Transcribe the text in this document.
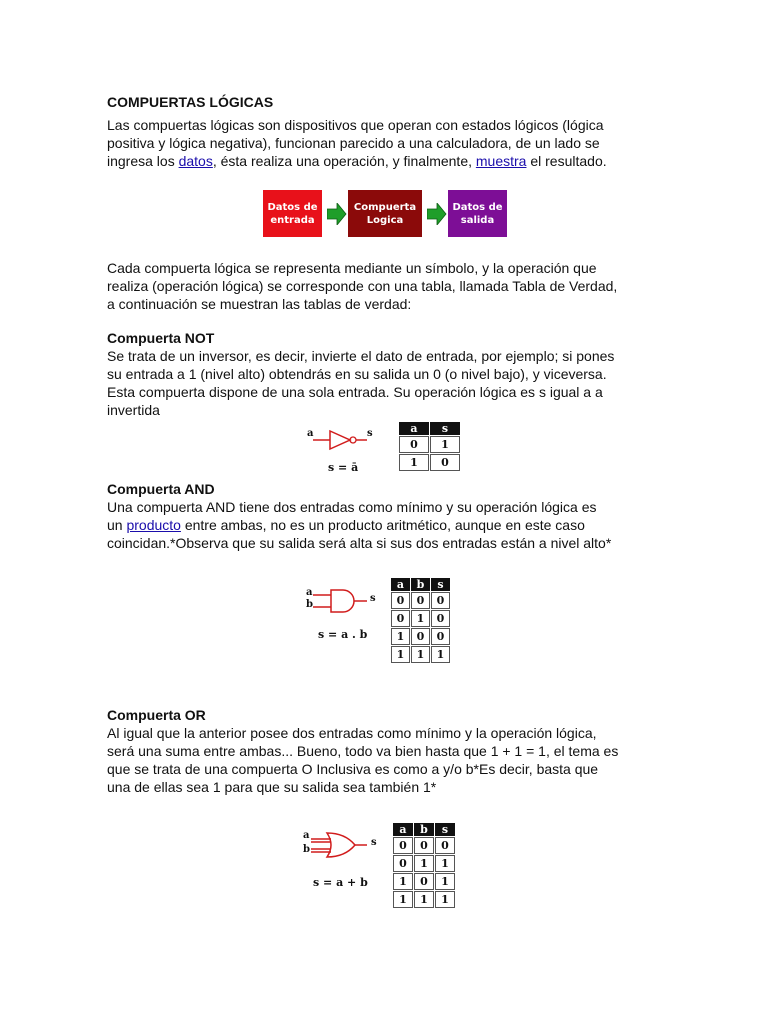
COMPUERTAS LÓGICAS
Las compuertas lógicas son dispositivos que operan con estados lógicos (lógica
positiva y lógica negativa), funcionan parecido a una calculadora, de un lado se
ingresa los datos, ésta realiza una operación, y finalmente, muestra el resultado.
Datos de
entrada
Compuerta
Logica
Datos de
salida
Cada compuerta lógica se representa mediante un símbolo, y la operación que
realiza (operación lógica) se corresponde con una tabla, llamada Tabla de Verdad,
a continuación se muestran las tablas de verdad:
Compuerta NOT
Se trata de un inversor, es decir, invierte el dato de entrada, por ejemplo; si pones
su entrada a 1 (nivel alto) obtendrás en su salida un 0 (o nivel bajo), y viceversa.
Esta compuerta dispone de una sola entrada. Su operación lógica es s igual a a
invertida
a	s
s = ā
a	s
0	1
1	0
Compuerta AND
Una compuerta AND tiene dos entradas como mínimo y su operación lógica es
un producto entre ambas, no es un producto aritmético, aunque en este caso
coincidan.*Observa que su salida será alta si sus dos entradas están a nivel alto*
a
b
s
s = a . b
a	b	s
0	0	0
0	1	0
1	0	0
1	1	1
Compuerta OR
Al igual que la anterior posee dos entradas como mínimo y la operación lógica,
será una suma entre ambas... Bueno, todo va bien hasta que 1 + 1 = 1, el tema es
que se trata de una compuerta O Inclusiva es como a y/o b*Es decir, basta que
una de ellas sea 1 para que su salida sea también 1*
a
b
s
s = a + b
a	b	s
0	0	0
0	1	1
1	0	1
1	1	1
